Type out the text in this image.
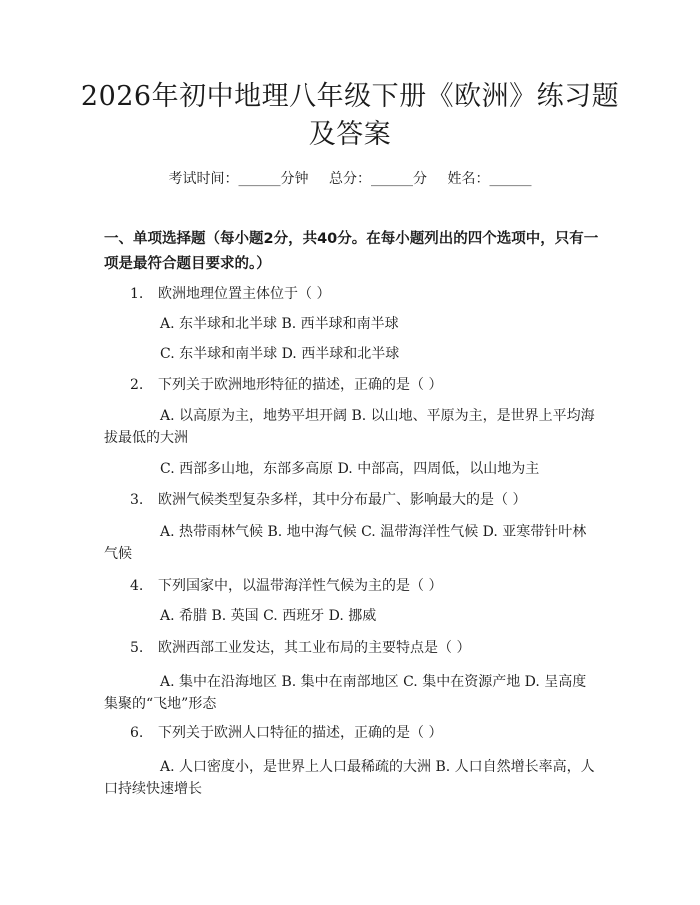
2026年初中地理八年级下册《欧洲》练习题
及答案
考试时间：______分钟 总分：______分 姓名：______
一、单项选择题（每小题2分，共40分。在每小题列出的四个选项中，只有一项是最符合题目要求的。）
1. 欧洲地理位置主体位于（ ）
A. 东半球和北半球 B. 西半球和南半球
C. 东半球和南半球 D. 西半球和北半球
2. 下列关于欧洲地形特征的描述，正确的是（ ）
A. 以高原为主，地势平坦开阔 B. 以山地、平原为主，是世界上平均海拔最低的大洲
C. 西部多山地，东部多高原 D. 中部高，四周低，以山地为主
3. 欧洲气候类型复杂多样，其中分布最广、影响最大的是（ ）
A. 热带雨林气候 B. 地中海气候 C. 温带海洋性气候 D. 亚寒带针叶林气候
4. 下列国家中，以温带海洋性气候为主的是（ ）
A. 希腊 B. 英国 C. 西班牙 D. 挪威
5. 欧洲西部工业发达，其工业布局的主要特点是（ ）
A. 集中在沿海地区 B. 集中在南部地区 C. 集中在资源产地 D. 呈高度集聚的“飞地”形态
6. 下列关于欧洲人口特征的描述，正确的是（ ）
A. 人口密度小，是世界上人口最稀疏的大洲 B. 人口自然增长率高，人口持续快速增长
